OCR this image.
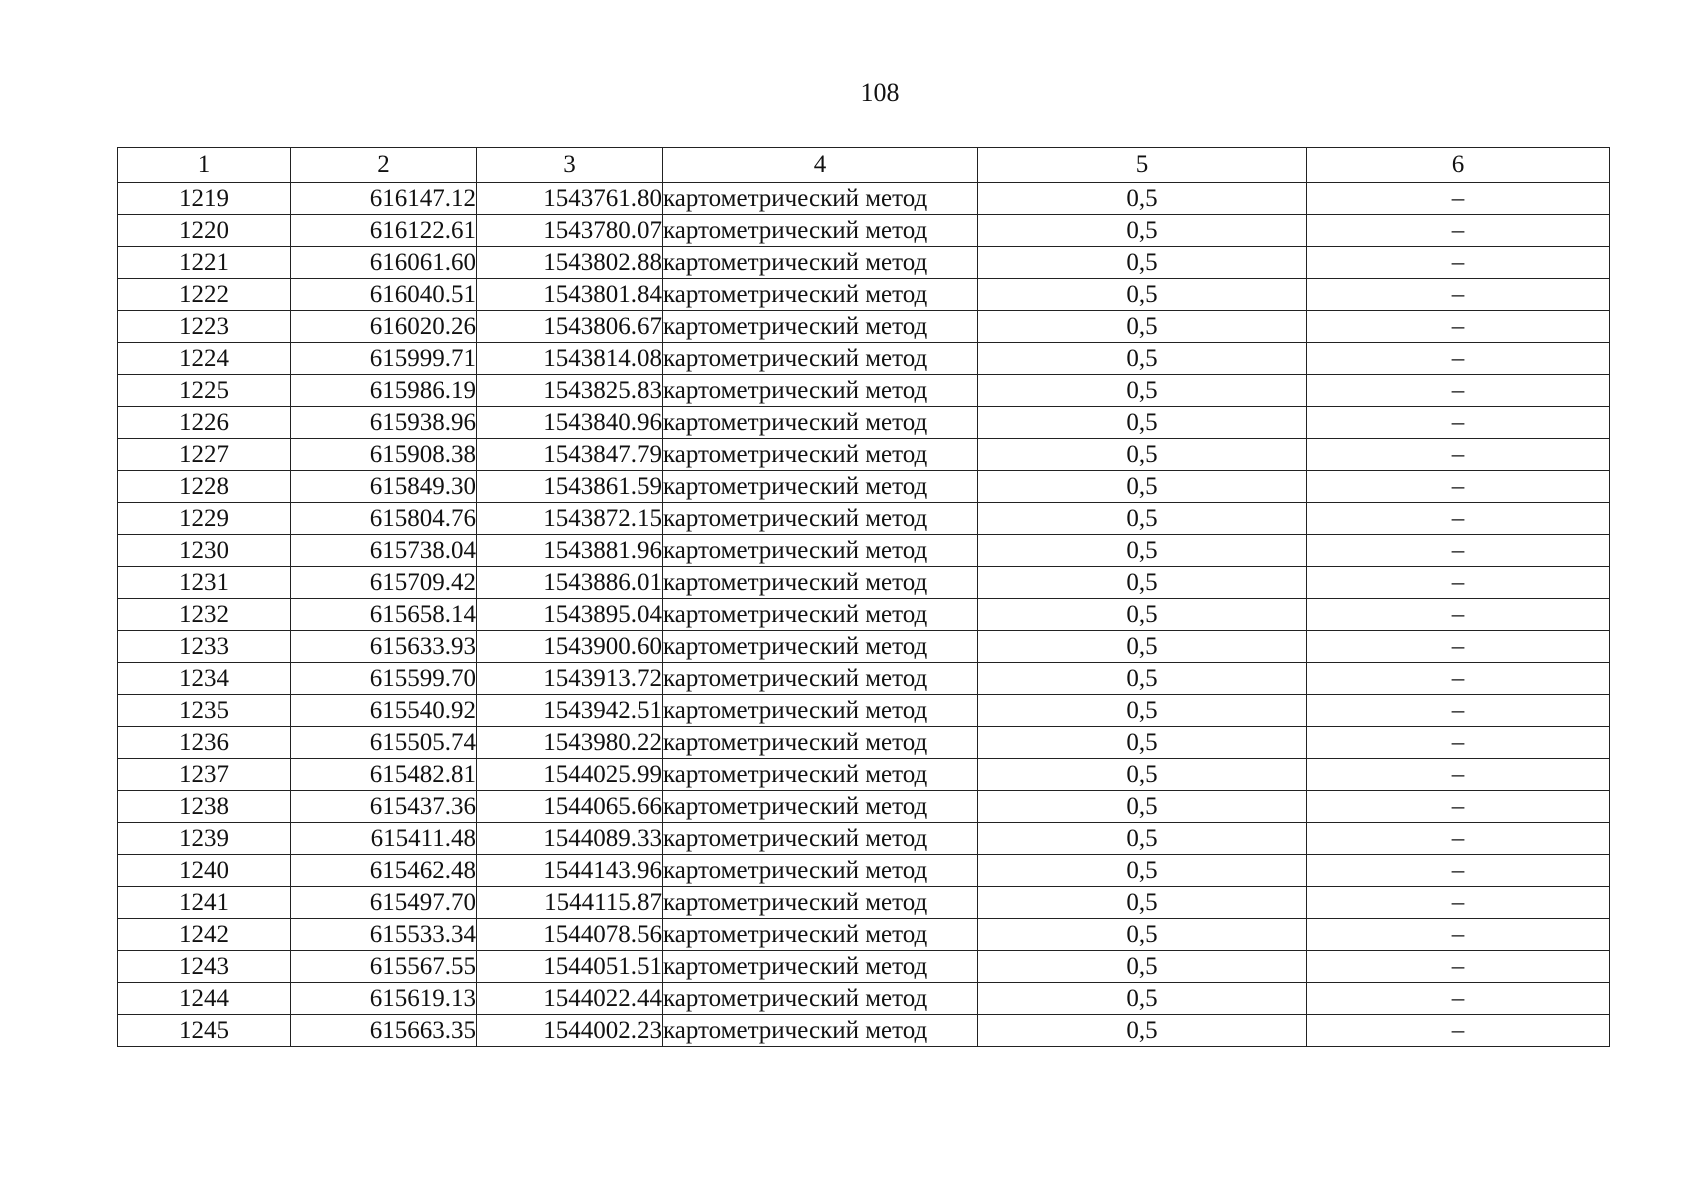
108
1	2	3	4	5	6
1219	616147.12	1543761.80	картометрический метод	0,5	–
1220	616122.61	1543780.07	картометрический метод	0,5	–
1221	616061.60	1543802.88	картометрический метод	0,5	–
1222	616040.51	1543801.84	картометрический метод	0,5	–
1223	616020.26	1543806.67	картометрический метод	0,5	–
1224	615999.71	1543814.08	картометрический метод	0,5	–
1225	615986.19	1543825.83	картометрический метод	0,5	–
1226	615938.96	1543840.96	картометрический метод	0,5	–
1227	615908.38	1543847.79	картометрический метод	0,5	–
1228	615849.30	1543861.59	картометрический метод	0,5	–
1229	615804.76	1543872.15	картометрический метод	0,5	–
1230	615738.04	1543881.96	картометрический метод	0,5	–
1231	615709.42	1543886.01	картометрический метод	0,5	–
1232	615658.14	1543895.04	картометрический метод	0,5	–
1233	615633.93	1543900.60	картометрический метод	0,5	–
1234	615599.70	1543913.72	картометрический метод	0,5	–
1235	615540.92	1543942.51	картометрический метод	0,5	–
1236	615505.74	1543980.22	картометрический метод	0,5	–
1237	615482.81	1544025.99	картометрический метод	0,5	–
1238	615437.36	1544065.66	картометрический метод	0,5	–
1239	615411.48	1544089.33	картометрический метод	0,5	–
1240	615462.48	1544143.96	картометрический метод	0,5	–
1241	615497.70	1544115.87	картометрический метод	0,5	–
1242	615533.34	1544078.56	картометрический метод	0,5	–
1243	615567.55	1544051.51	картометрический метод	0,5	–
1244	615619.13	1544022.44	картометрический метод	0,5	–
1245	615663.35	1544002.23	картометрический метод	0,5	–
